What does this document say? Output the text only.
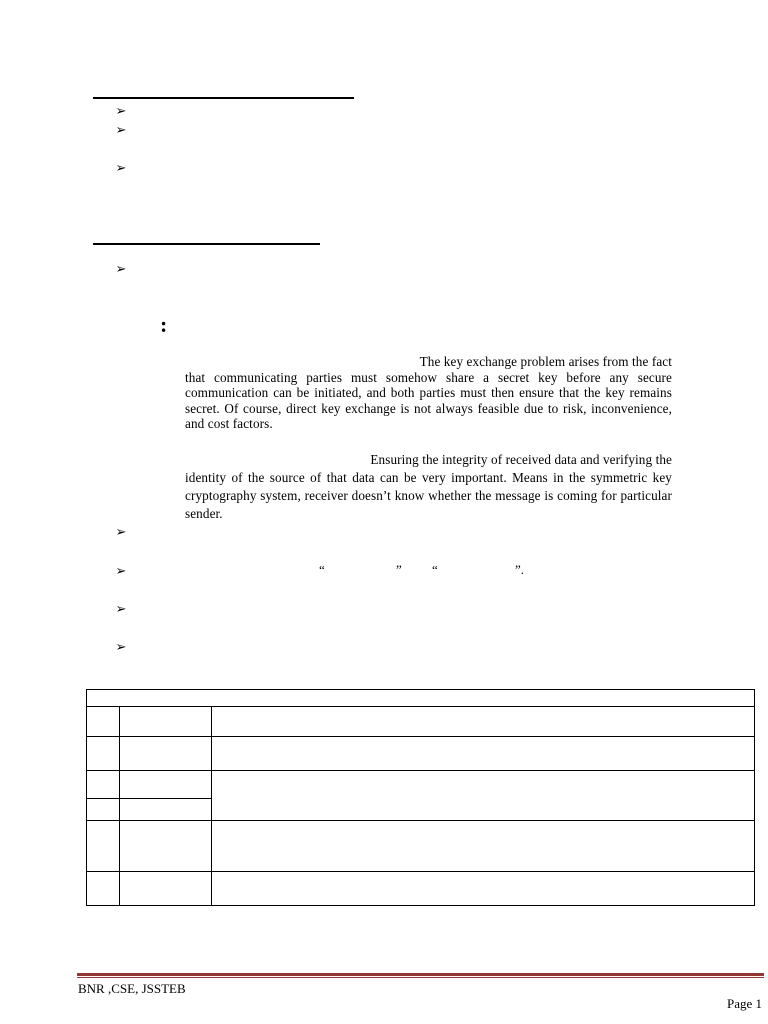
➢
➢
➢
➢
:
The key exchange problem arises from the fact
that communicating parties must somehow share a secret key before any secure communication can be initiated, and both parties must then ensure that the key remains secret. Of course, direct key exchange is not always feasible due to risk, inconvenience, and cost factors.
Ensuring the integrity of received data and verifying the
identity of the source of that data can be very important. Means in the symmetric key cryptography system, receiver doesn’t know whether the message is coming for particular sender.
➢
➢
➢
➢
“	” “	”.

BNR ,CSE, JSSTEB
Page 1
